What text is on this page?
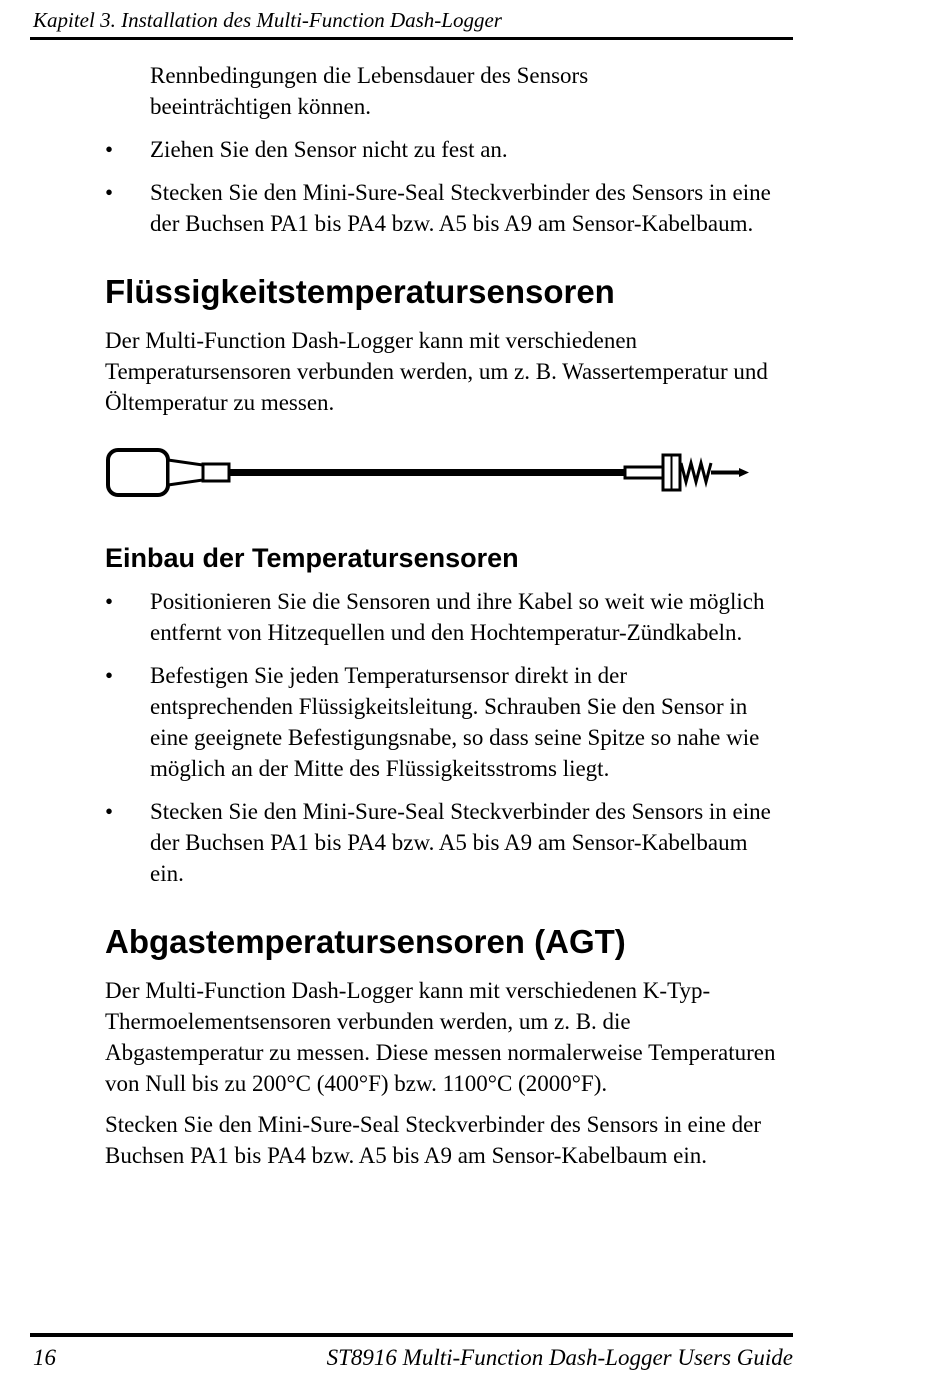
Kapitel 3. Installation des Multi-Function Dash-Logger

Rennbedingungen die Lebensdauer des Sensors beeinträchtigen können.

•	Ziehen Sie den Sensor nicht zu fest an.
•	Stecken Sie den Mini-Sure-Seal Steckverbinder des Sensors in eine der Buchsen PA1 bis PA4 bzw. A5 bis A9 am Sensor-Kabelbaum.
Flüssigkeitstemperatursensoren

Der Multi-Function Dash-Logger kann mit verschiedenen Temperatursensoren verbunden werden, um z. B. Wassertemperatur und Öltemperatur zu messen.

Einbau der Temperatursensoren
•	Positionieren Sie die Sensoren und ihre Kabel so weit wie möglich entfernt von Hitzequellen und den Hochtemperatur-Zündkabeln.
•	Befestigen Sie jeden Temperatursensor direkt in der entsprechenden Flüssigkeitsleitung. Schrauben Sie den Sensor in eine geeignete Befestigungsnabe, so dass seine Spitze so nahe wie möglich an der Mitte des Flüssigkeitsstroms liegt.
•	Stecken Sie den Mini-Sure-Seal Steckverbinder des Sensors in eine der Buchsen PA1 bis PA4 bzw. A5 bis A9 am Sensor-Kabelbaum ein.
Abgastemperatursensoren (AGT)

Der Multi-Function Dash-Logger kann mit verschiedenen K-Typ-Thermoelementsensoren verbunden werden, um z. B. die Abgastemperatur zu messen. Diese messen normalerweise Temperaturen von Null bis zu 200°C (400°F) bzw. 1100°C (2000°F).

Stecken Sie den Mini-Sure-Seal Steckverbinder des Sensors in eine der Buchsen PA1 bis PA4 bzw. A5 bis A9 am Sensor-Kabelbaum ein.

16	ST8916 Multi-Function Dash-Logger Users Guide
